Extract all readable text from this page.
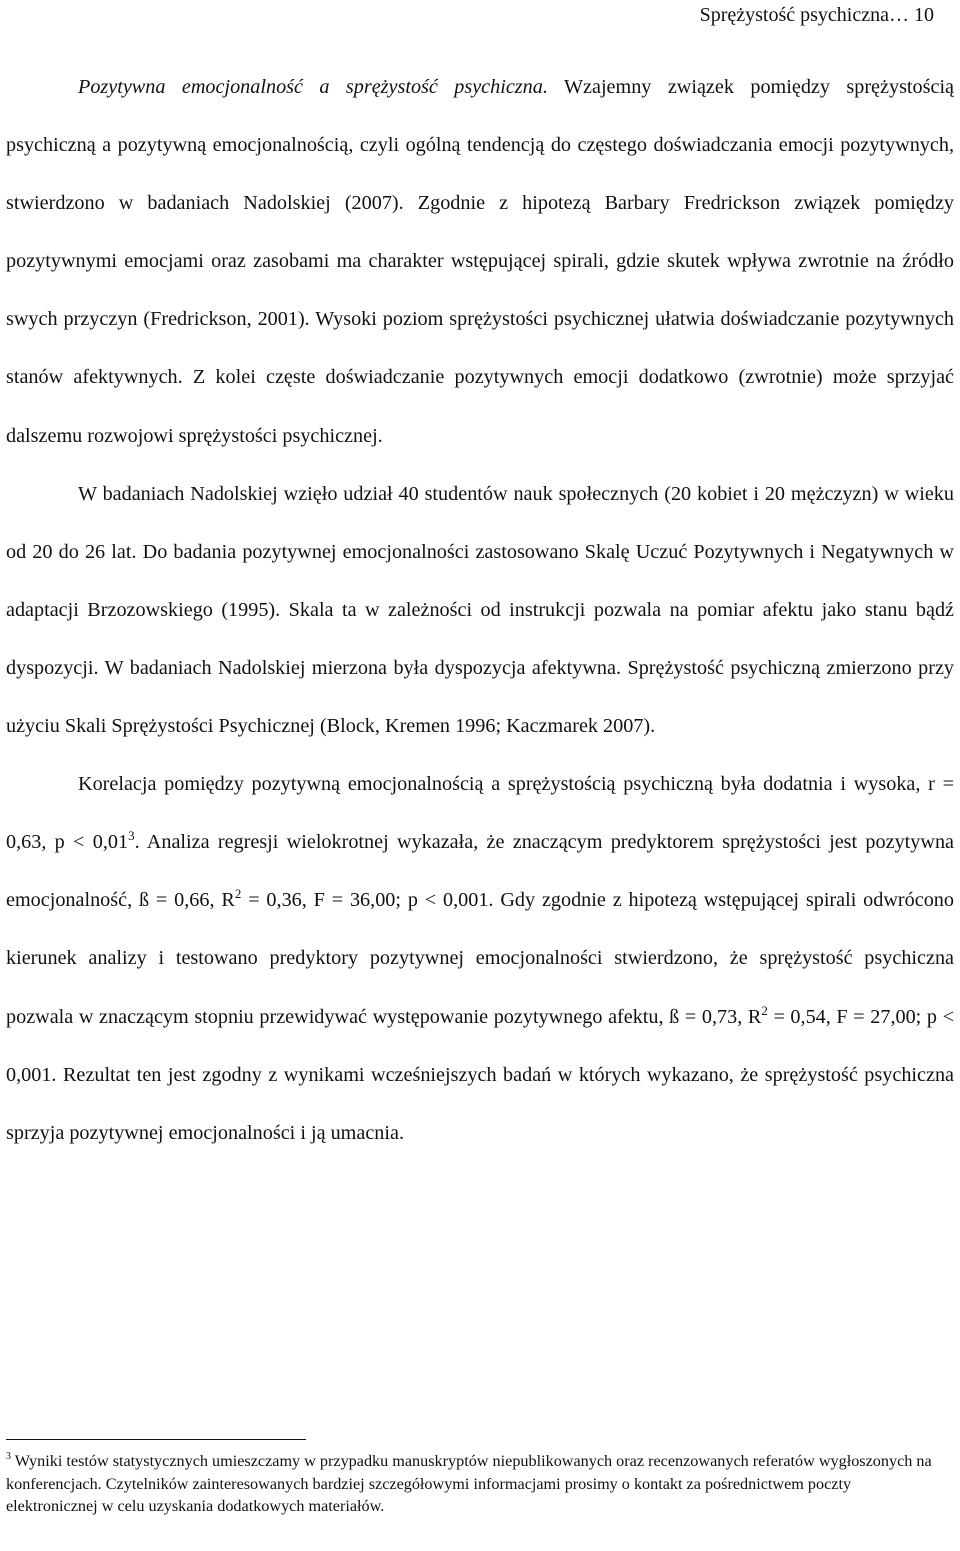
Sprężystość psychiczna… 10

Pozytywna emocjonalność a sprężystość psychiczna. Wzajemny związek pomiędzy sprężystością psychiczną a pozytywną emocjonalnością, czyli ogólną tendencją do częstego doświadczania emocji pozytywnych, stwierdzono w badaniach Nadolskiej (2007). Zgodnie z hipotezą Barbary Fredrickson związek pomiędzy pozytywnymi emocjami oraz zasobami ma charakter wstępującej spirali, gdzie skutek wpływa zwrotnie na źródło swych przyczyn (Fredrickson, 2001). Wysoki poziom sprężystości psychicznej ułatwia doświadczanie pozytywnych stanów afektywnych. Z kolei częste doświadczanie pozytywnych emocji dodatkowo (zwrotnie) może sprzyjać dalszemu rozwojowi sprężystości psychicznej.

W badaniach Nadolskiej wzięło udział 40 studentów nauk społecznych (20 kobiet i 20 mężczyzn) w wieku od 20 do 26 lat. Do badania pozytywnej emocjonalności zastosowano Skalę Uczuć Pozytywnych i Negatywnych w adaptacji Brzozowskiego (1995). Skala ta w zależności od instrukcji pozwala na pomiar afektu jako stanu bądź dyspozycji. W badaniach Nadolskiej mierzona była dyspozycja afektywna. Sprężystość psychiczną zmierzono przy użyciu Skali Sprężystości Psychicznej (Block, Kremen 1996; Kaczmarek 2007).

Korelacja pomiędzy pozytywną emocjonalnością a sprężystością psychiczną była dodatnia i wysoka, r = 0,63, $p < 0,01^3$. Analiza regresji wielokrotnej wykazała, że znaczącym predyktorem sprężystości jest pozytywna emocjonalność, ß = 0,66, $R^2 = 0,36$, F = 36,00; p < 0,001. Gdy zgodnie z hipotezą wstępującej spirali odwrócono kierunek analizy i testowano predyktory pozytywnej emocjonalności stwierdzono, że sprężystość psychiczna pozwala w znaczącym stopniu przewidywać występowanie pozytywnego afektu, ß = 0,73, $R^2 = 0,54$, F = 27,00; p < 0,001. Rezultat ten jest zgodny z wynikami wcześniejszych badań w których wykazano, że sprężystość psychiczna sprzyja pozytywnej emocjonalności i ją umacnia.

$^3$ Wyniki testów statystycznych umieszczamy w przypadku manuskryptów niepublikowanych oraz recenzowanych referatów wygłoszonych na konferencjach. Czytelników zainteresowanych bardziej szczegółowymi informacjami prosimy o kontakt za pośrednictwem poczty elektronicznej w celu uzyskania dodatkowych materiałów.
